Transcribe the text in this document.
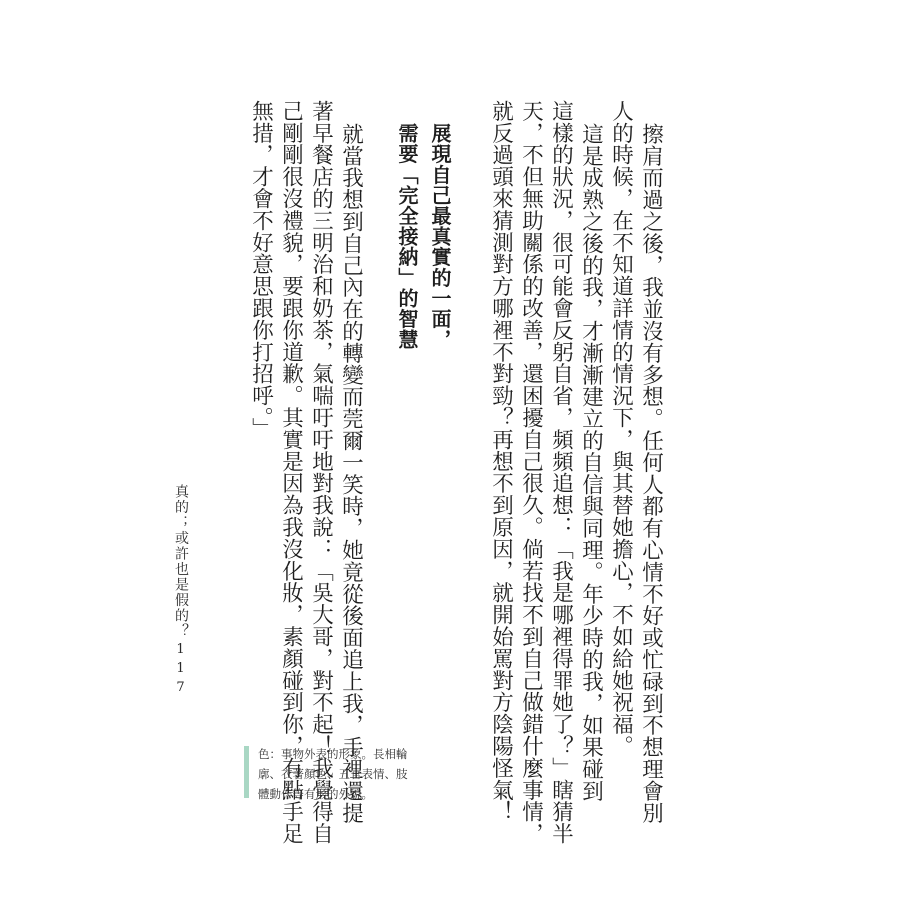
擦肩而過之後，我並沒有多想。任何人都有心情不好或忙碌到不想理會別
人的時候，在不知道詳情的情況下，與其替她擔心，不如給她祝福。
這是成熟之後的我，才漸漸建立的自信與同理。年少時的我，如果碰到
這樣的狀況，很可能會反躬自省，頻頻追想：「我是哪裡得罪她了？」瞎猜半
天，不但無助關係的改善，還困擾自己很久。倘若找不到自己做錯什麼事情，
就反過頭來猜測對方哪裡不對勁？再想不到原因，就開始罵對方陰陽怪氣！
展現自己最真實的一面，
需要「完全接納」的智慧
就當我想到自己內在的轉變而莞爾一笑時，她竟從後面追上我，手裡還提
著早餐店的三明治和奶茶，氣喘吁吁地對我說：「吳大哥，對不起！我覺得自
己剛剛很沒禮貌，要跟你道歉。其實是因為我沒化妝，素顏碰到你，有點手足
無措，才會不好意思跟你打招呼。」
真的；或許也是假的？
117
色：事物外表的形象。長相輪
廓、衣著顏色、五官表情、肢
體動作等有形的外貌。
